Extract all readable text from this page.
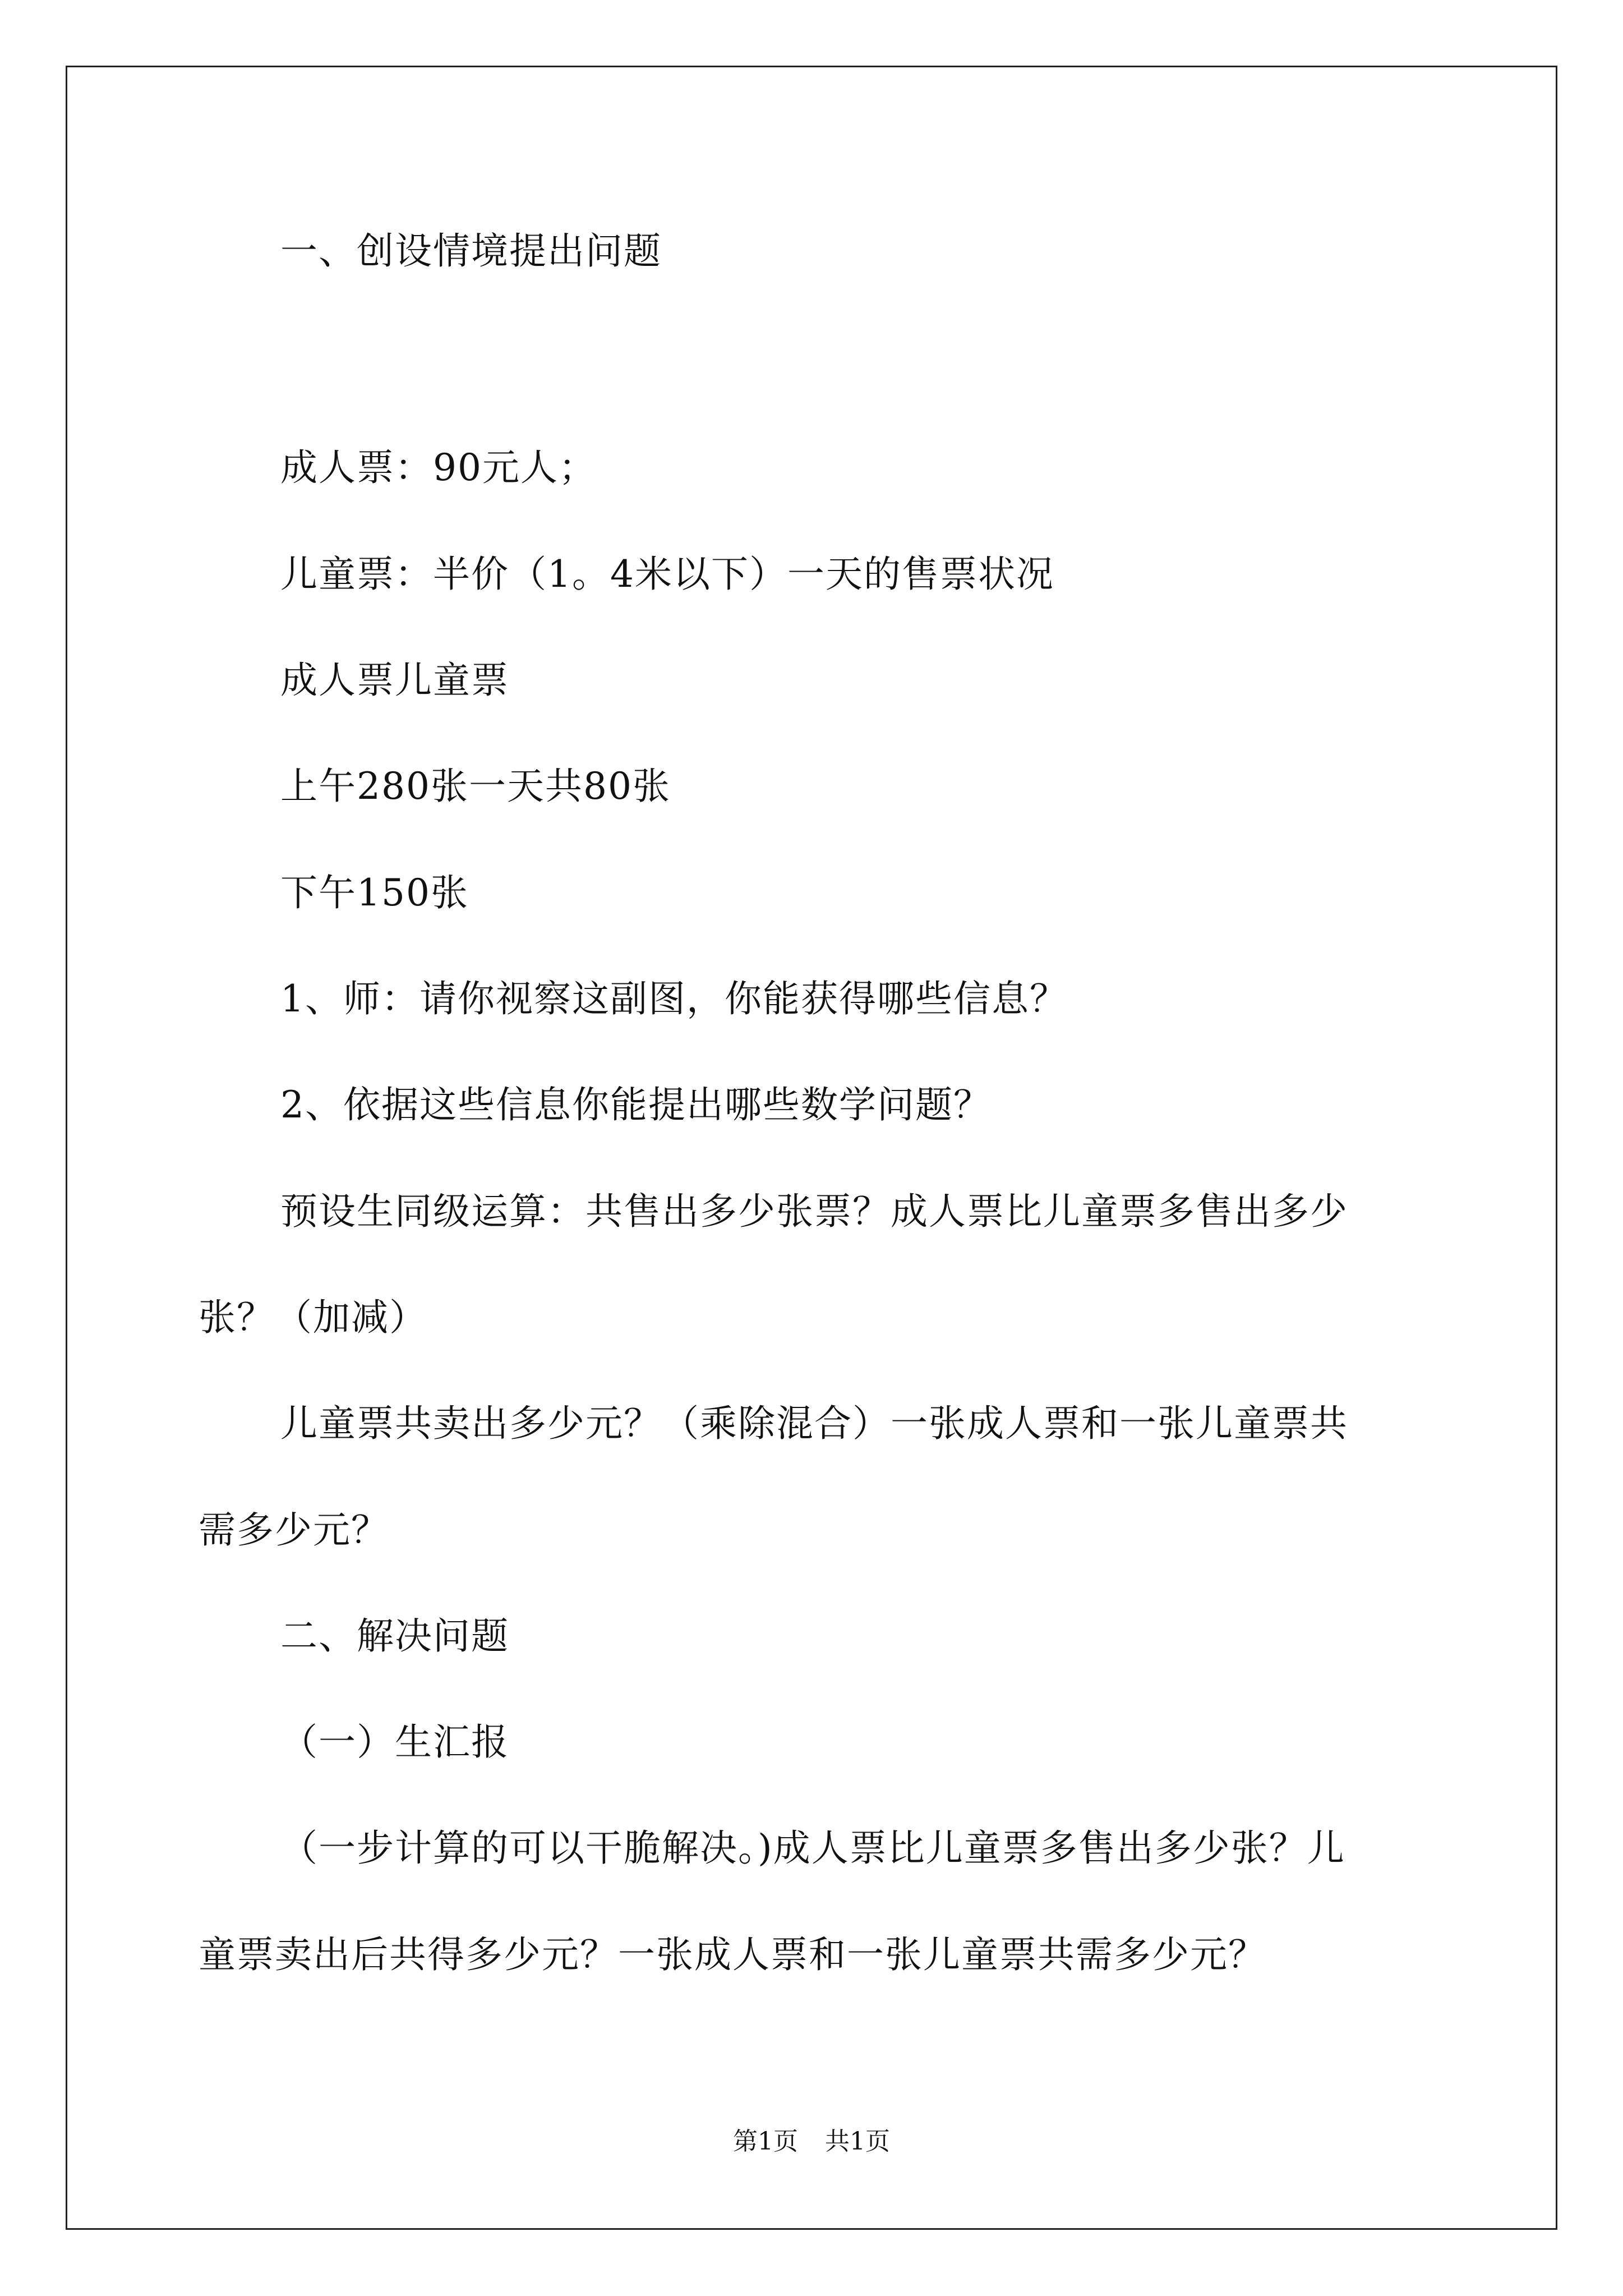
一、创设情境提出问题
成人票：90元人；
儿童票：半价（1。4米以下）一天的售票状况
成人票儿童票
上午280张一天共80张
下午150张
1、师：请你视察这副图，你能获得哪些信息？
2、依据这些信息你能提出哪些数学问题？
预设生同级运算：共售出多少张票？成人票比儿童票多售出多少
张？（加减）
儿童票共卖出多少元？（乘除混合）一张成人票和一张儿童票共
需多少元？
二、解决问题
（一）生汇报
（一步计算的可以干脆解决。)成人票比儿童票多售出多少张？儿
童票卖出后共得多少元？一张成人票和一张儿童票共需多少元？
第1页 共1页
